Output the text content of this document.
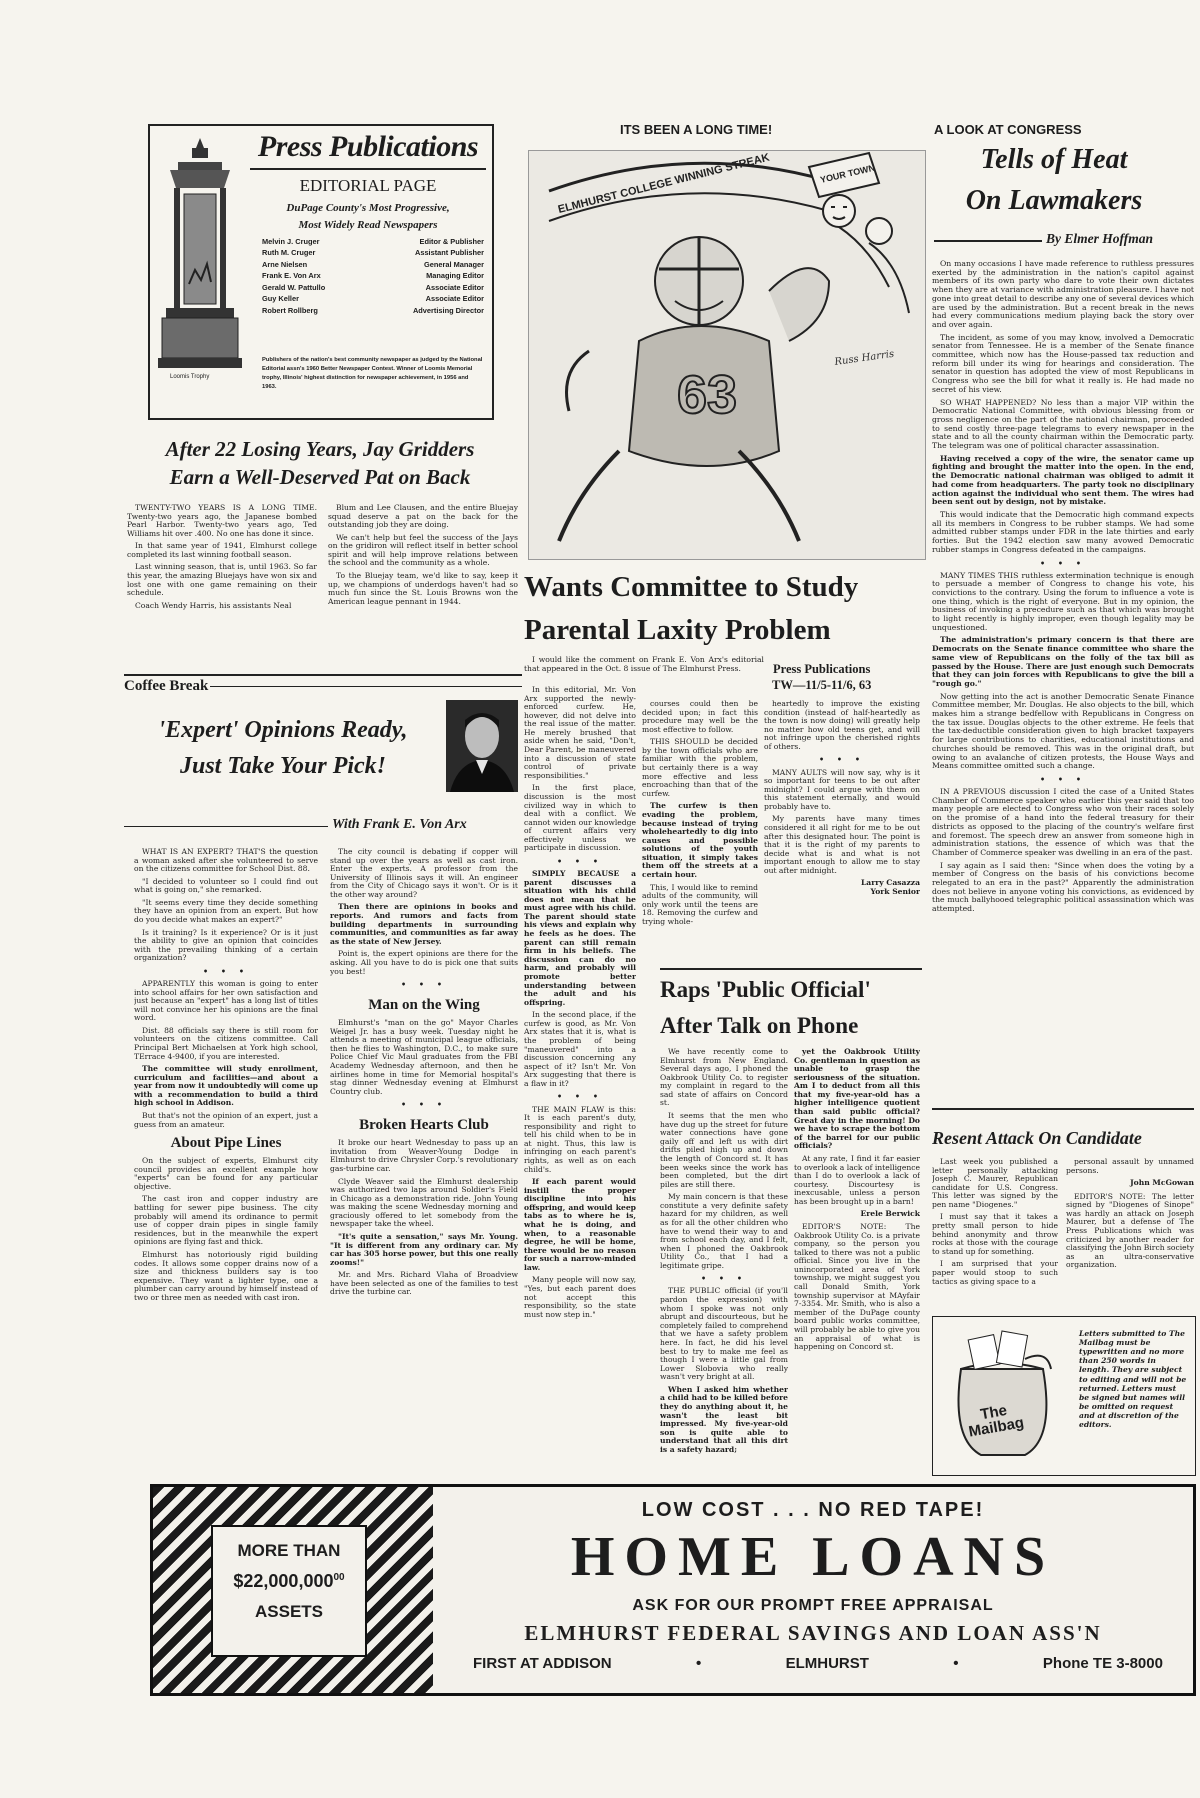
Loomis Trophy
Press Publications
EDITORIAL PAGE
DuPage County's Most Progressive,
Most Widely Read Newspapers
Melvin J. Cruger	Editor & Publisher
Ruth M. Cruger	Assistant Publisher
Arne Nielsen	General Manager
Frank E. Von Arx	Managing Editor
Gerald W. Pattullo	Associate Editor
Guy Keller	Associate Editor
Robert Rollberg	Advertising Director
Publishers of the nation's best community newspaper as judged by the National Editorial assn's 1960 Better Newspaper Contest. Winner of Loomis Memorial trophy, Illinois' highest distinction for newspaper achievement, in 1956 and 1963.
After 22 Losing Years, Jay Gridders
Earn a Well-Deserved Pat on Back

TWENTY-TWO YEARS IS A LONG TIME. Twenty-two years ago, the Japanese bombed Pearl Harbor. Twenty-two years ago, Ted Williams hit over .400. No one has done it since.

In that same year of 1941, Elmhurst college completed its last winning football season.

Last winning season, that is, until 1963. So far this year, the amazing Bluejays have won six and lost one with one game remaining on their schedule.

Coach Wendy Harris, his assistants Neal

Blum and Lee Clausen, and the entire Bluejay squad deserve a pat on the back for the outstanding job they are doing.

We can't help but feel the success of the Jays on the gridiron will reflect itself in better school spirit and will help improve relations between the school and the community as a whole.

To the Bluejay team, we'd like to say, keep it up, we champions of underdogs haven't had so much fun since the St. Louis Browns won the American league pennant in 1944.

Coffee Break
'Expert' Opinions Ready,
Just Take Your Pick!
With Frank E. Von Arx

WHAT IS AN EXPERT? THAT'S the question a woman asked after she volunteered to serve on the citizens committee for School Dist. 88.

"I decided to volunteer so I could find out what is going on," she remarked.

"It seems every time they decide something they have an opinion from an expert. But how do you decide what makes an expert?"

Is it training? Is it experience? Or is it just the ability to give an opinion that coincides with the prevailing thinking of a certain organization?

• • •

APPARENTLY this woman is going to enter into school affairs for her own satisfaction and just because an "expert" has a long list of titles will not convince her his opinions are the final word.

Dist. 88 officials say there is still room for volunteers on the citizens committee. Call Principal Bert Michaelsen at York high school, TErrace 4-9400, if you are interested.

The committee will study enrollment, curriculum and facilities—and about a year from now it undoubtedly will come up with a recommendation to build a third high school in Addison.

But that's not the opinion of an expert, just a guess from an amateur.

About Pipe Lines

On the subject of experts, Elmhurst city council provides an excellent example how "experts" can be found for any particular objective.

The cast iron and copper industry are battling for sewer pipe business. The city probably will amend its ordinance to permit use of copper drain pipes in single family residences, but in the meanwhile the expert opinions are flying fast and thick.

Elmhurst has notoriously rigid building codes. It allows some copper drains now of a size and thickness builders say is too expensive. They want a lighter type, one a plumber can carry around by himself instead of two or three men as needed with cast iron.

The city council is debating if copper will stand up over the years as well as cast iron. Enter the experts. A professor from the University of Illinois says it will. An engineer from the City of Chicago says it won't. Or is it the other way around?

Then there are opinions in books and reports. And rumors and facts from building departments in surrounding communities, and communities as far away as the state of New Jersey.

Point is, the expert opinions are there for the asking. All you have to do is pick one that suits you best!

• • •
Man on the Wing

Elmhurst's "man on the go" Mayor Charles Weigel Jr. has a busy week. Tuesday night he attends a meeting of municipal league officials, then he flies to Washington, D.C., to make sure Police Chief Vic Maul graduates from the FBI Academy Wednesday afternoon, and then he airlines home in time for Memorial hospital's stag dinner Wednesday evening at Elmhurst Country club.

• • •
Broken Hearts Club

It broke our heart Wednesday to pass up an invitation from Weaver-Young Dodge in Elmhurst to drive Chrysler Corp.'s revolutionary gas-turbine car.

Clyde Weaver said the Elmhurst dealership was authorized two laps around Soldier's Field in Chicago as a demonstration ride. John Young was making the scene Wednesday morning and graciously offered to let somebody from the newspaper take the wheel.

"It's quite a sensation," says Mr. Young. "It is different from any ordinary car. My car has 305 horse power, but this one really zooms!"

Mr. and Mrs. Richard Vlaha of Broadview have been selected as one of the families to test drive the turbine car.

ITS BEEN A LONG TIME!
ELMHURST COLLEGE WINNING STREAK	YOUR TOWN
63
Russ Harris
Wants Committee to Study
Parental Laxity Problem
Press Publications
TW—11/5-11/6, 63

I would like the comment on Frank E. Von Arx's editorial that appeared in the Oct. 8 issue of The Elmhurst Press.

In this editorial, Mr. Von Arx supported the newly-enforced curfew. He, however, did not delve into the real issue of the matter. He merely brushed that aside when he said, "Don't, Dear Parent, be maneuvered into a discussion of state control of private responsibilities."

In the first place, discussion is the most civilized way in which to deal with a conflict. We cannot widen our knowledge of current affairs very effectively unless we participate in discussion.

• • •

SIMPLY BECAUSE a parent discusses a situation with his child does not mean that he must agree with his child. The parent should state his views and explain why he feels as he does. The parent can still remain firm in his beliefs. The discussion can do no harm, and probably will promote better understanding between the adult and his offspring.

In the second place, if the curfew is good, as Mr. Von Arx states that it is, what is the problem of being "maneuvered" into a discussion concerning any aspect of it? Isn't Mr. Von Arx suggesting that there is a flaw in it?

• • •

THE MAIN FLAW is this: It is each parent's duty, responsibility and right to tell his child when to be in at night. Thus, this law is infringing on each parent's rights, as well as on each child's.

If each parent would instill the proper discipline into his offspring, and would keep tabs as to where he is, what he is doing, and when, to a reasonable degree, he will be home, there would be no reason for such a narrow-minded law.

Many people will now say, "Yes, but each parent does not accept this responsibility, so the state must now step in."

courses could then be decided upon; in fact this procedure may well be the most effective to follow.

THIS SHOULD be decided by the town officials who are familiar with the problem, but certainly there is a way more effective and less encroaching than that of the curfew.

The curfew is then evading the problem, because instead of trying wholeheartedly to dig into causes and possible solutions of the youth situation, it simply takes them off the streets at a certain hour.

This, I would like to remind adults of the community, will only work until the teens are 18. Removing the curfew and trying whole-

heartedly to improve the existing condition (instead of half-heartedly as the town is now doing) will greatly help no matter how old teens get, and will not infringe upon the cherished rights of others.

• • •

MANY AULTS will now say, why is it so important for teens to be out after midnight? I could argue with them on this statement eternally, and would probably have to.

My parents have many times considered it all right for me to be out after this designated hour. The point is that it is the right of my parents to decide what is and what is not important enough to allow me to stay out after midnight.

Larry Casazza
York Senior
Raps 'Public Official'
After Talk on Phone

We have recently come to Elmhurst from New England. Several days ago, I phoned the Oakbrook Utility Co. to register my complaint in regard to the sad state of affairs on Concord st.

It seems that the men who have dug up the street for future water connections have gone gaily off and left us with dirt drifts piled high up and down the length of Concord st. It has been weeks since the work has been completed, but the dirt piles are still there.

My main concern is that these constitute a very definite safety hazard for my children, as well as for all the other children who have to wend their way to and from school each day, and I felt, when I phoned the Oakbrook Utility Co., that I had a legitimate gripe.

• • •

THE PUBLIC official (if you'll pardon the expression) with whom I spoke was not only abrupt and discourteous, but he completely failed to comprehend that we have a safety problem here. In fact, he did his level best to try to make me feel as though I were a little gal from Lower Slobovia who really wasn't very bright at all.

When I asked him whether a child had to be killed before they do anything about it, he wasn't the least bit impressed. My five-year-old son is quite able to understand that all this dirt is a safety hazard;

yet the Oakbrook Utility Co. gentleman in question as unable to grasp the seriousness of the situation. Am I to deduct from all this that my five-year-old has a higher intelligence quotient than said public official? Great day in the morning! Do we have to scrape the bottom of the barrel for our public officials?

At any rate, I find it far easier to overlook a lack of intelligence than I do to overlook a lack of courtesy. Discourtesy is inexcusable, unless a person has been brought up in a barn!

Erele Berwick

EDITOR'S NOTE: The Oakbrook Utility Co. is a private company, so the person you talked to there was not a public official. Since you live in the unincorporated area of York township, we might suggest you call Donald Smith, York township supervisor at MAyfair 7-3354. Mr. Smith, who is also a member of the DuPage county board public works committee, will probably be able to give you an appraisal of what is happening on Concord st.

A LOOK AT CONGRESS
Tells of Heat
On Lawmakers
By Elmer Hoffman

On many occasions I have made reference to ruthless pressures exerted by the administration in the nation's capitol against members of its own party who dare to vote their own dictates when they are at variance with administration pleasure. I have not gone into great detail to describe any one of several devices which are used by the administration. But a recent break in the news had every communications medium playing back the story over and over again.

The incident, as some of you may know, involved a Democratic senator from Tennessee. He is a member of the Senate finance committee, which now has the House-passed tax reduction and reform bill under its wing for hearings and consideration. The senator in question has adopted the view of most Republicans in Congress who see the bill for what it really is. He had made no secret of his view.

SO WHAT HAPPENED? No less than a major VIP within the Democratic National Committee, with obvious blessing from or gross negligence on the part of the national chairman, proceeded to send costly three-page telegrams to every newspaper in the state and to all the county chairman within the Democratic party. The telegram was one of political character assassination.

Having received a copy of the wire, the senator came up fighting and brought the matter into the open. In the end, the Democratic national chairman was obliged to admit it had come from headquarters. The party took no disciplinary action against the individual who sent them. The wires had been sent out by design, not by mistake.

This would indicate that the Democratic high command expects all its members in Congress to be rubber stamps. We had some admitted rubber stamps under FDR in the late thirties and early forties. But the 1942 election saw many avowed Democratic rubber stamps in Congress defeated in the campaigns.

• • •

MANY TIMES THIS ruthless extermination technique is enough to persuade a member of Congress to change his vote, his convictions to the contrary. Using the forum to influence a vote is one thing, which is the right of everyone. But in my opinion, the business of invoking a precedure such as that which was brought to light recently is highly improper, even though legality may be unquestioned.

The administration's primary concern is that there are Democrats on the Senate finance committee who share the same view of Republicans on the folly of the tax bill as passed by the House. There are just enough such Democrats that they can join forces with Republicans to give the bill a "rough go."

Now getting into the act is another Democratic Senate Finance Committee member, Mr. Douglas. He also objects to the bill, which makes him a strange bedfellow with Republicans in Congress on the tax issue. Douglas objects to the other extreme. He feels that the tax-deductible consideration given to high bracket taxpayers for large contributions to charities, educational institutions and churches should be removed. This was in the original draft, but owing to an avalanche of citizen protests, the House Ways and Means committee omitted such a change.

• • •

IN A PREVIOUS discussion I cited the case of a United States Chamber of Commerce speaker who earlier this year said that too many people are elected to Congress who won their races solely on the promise of a hand into the federal treasury for their districts as opposed to the placing of the country's welfare first and foremost. The speech drew an answer from someone high in administration stations, the essence of which was that the Chamber of Commerce speaker was dwelling in an era of the past.

I say again as I said then: "Since when does the voting by a member of Congress on the basis of his convictions become relegated to an era in the past?" Apparently the administration does not believe in anyone voting his convictions, as evidenced by the much ballyhooed telegraphic political assassination which was attempted.

Resent Attack On Candidate

Last week you published a letter personally attacking Joseph C. Maurer, Republican candidate for U.S. Congress. This letter was signed by the pen name "Diogenes."

I must say that it takes a pretty small person to hide behind anonymity and throw rocks at those with the courage to stand up for something.

I am surprised that your paper would stoop to such tactics as giving space to a

personal assault by unnamed persons.

John McGowan

EDITOR'S NOTE: The letter signed by "Diogenes of Sinope" was hardly an attack on Joseph Maurer, but a defense of The Press Publications which was criticized by another reader for classifying the John Birch society as an ultra-conservative organization.

The Mailbag
Letters submitted to The Mailbag must be typewritten and no more than 250 words in length. They are subject to editing and will not be returned. Letters must be signed but names will be omitted on request and at discretion of the editors.
MORE THAN
$22,000,000$^{00}$
ASSETS
LOW COST . . . NO RED TAPE!
HOME LOANS
ASK FOR OUR PROMPT FREE APPRAISAL
ELMHURST FEDERAL SAVINGS AND LOAN ASS'N
FIRST AT ADDISON	•	ELMHURST	•	Phone TE 3-8000
